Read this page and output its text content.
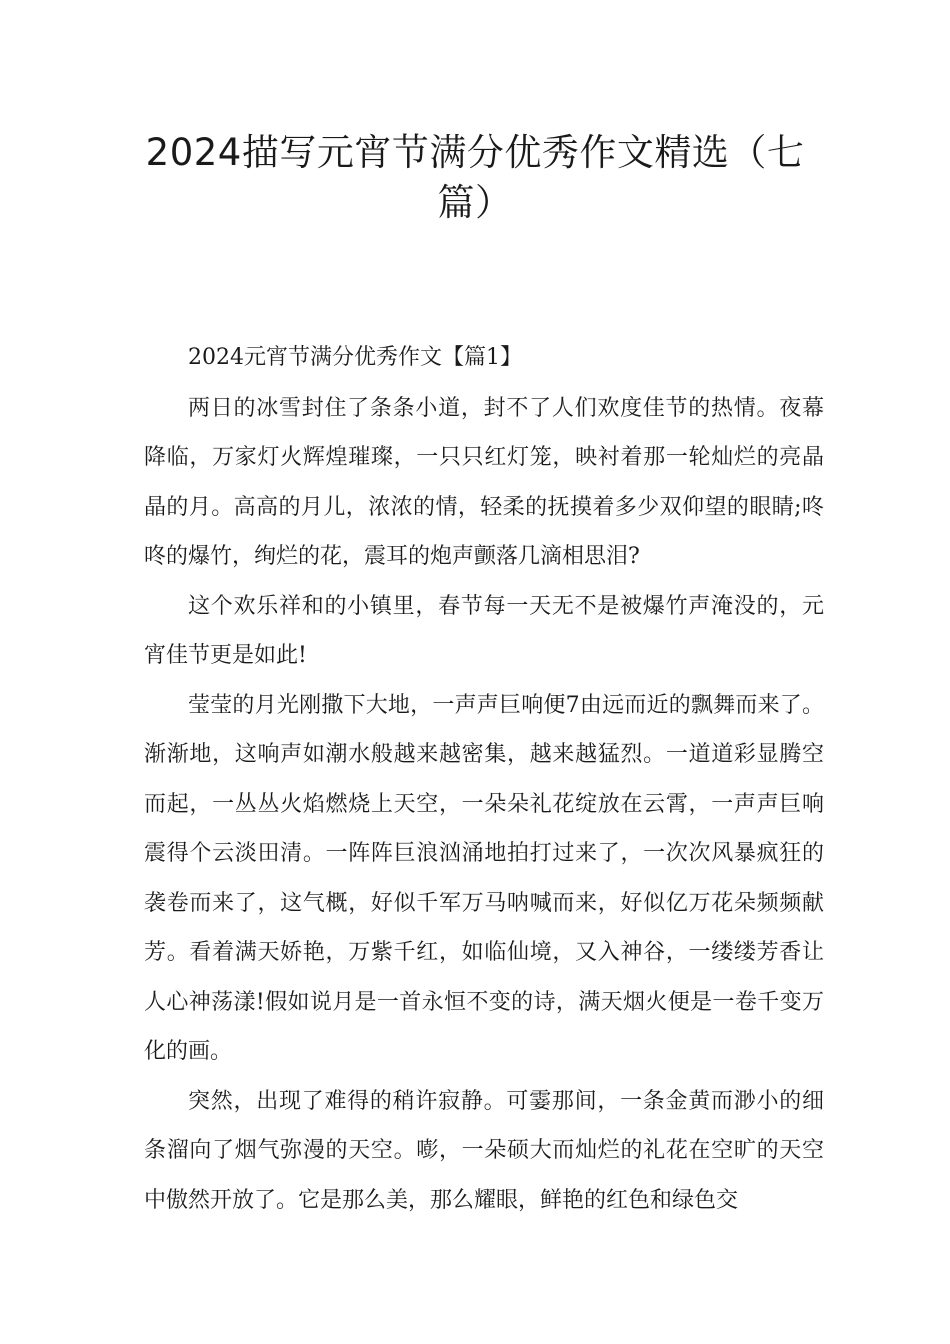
2024描写元宵节满分优秀作文精选（七篇）

2024元宵节满分优秀作文【篇1】

两日的冰雪封住了条条小道，封不了人们欢度佳节的热情。夜幕降临，万家灯火辉煌璀璨，一只只红灯笼，映衬着那一轮灿烂的亮晶晶的月。高高的月儿，浓浓的情，轻柔的抚摸着多少双仰望的眼睛;咚咚的爆竹，绚烂的花，震耳的炮声颤落几滴相思泪?

这个欢乐祥和的小镇里，春节每一天无不是被爆竹声淹没的，元宵佳节更是如此!

莹莹的月光刚撒下大地，一声声巨响便7由远而近的飘舞而来了。渐渐地，这响声如潮水般越来越密集，越来越猛烈。一道道彩显腾空而起，一丛丛火焰燃烧上天空，一朵朵礼花绽放在云霄，一声声巨响震得个云淡田清。一阵阵巨浪汹涌地拍打过来了，一次次风暴疯狂的袭卷而来了，这气概，好似千军万马呐喊而来，好似亿万花朵频频献芳。看着满天娇艳，万紫千红，如临仙境，又入神谷，一缕缕芳香让人心神荡漾!假如说月是一首永恒不变的诗，满天烟火便是一卷千变万化的画。

突然，出现了难得的稍许寂静。可霎那间，一条金黄而渺小的细条溜向了烟气弥漫的天空。嘭，一朵硕大而灿烂的礼花在空旷的天空中傲然开放了。它是那么美，那么耀眼，鲜艳的红色和绿色交
